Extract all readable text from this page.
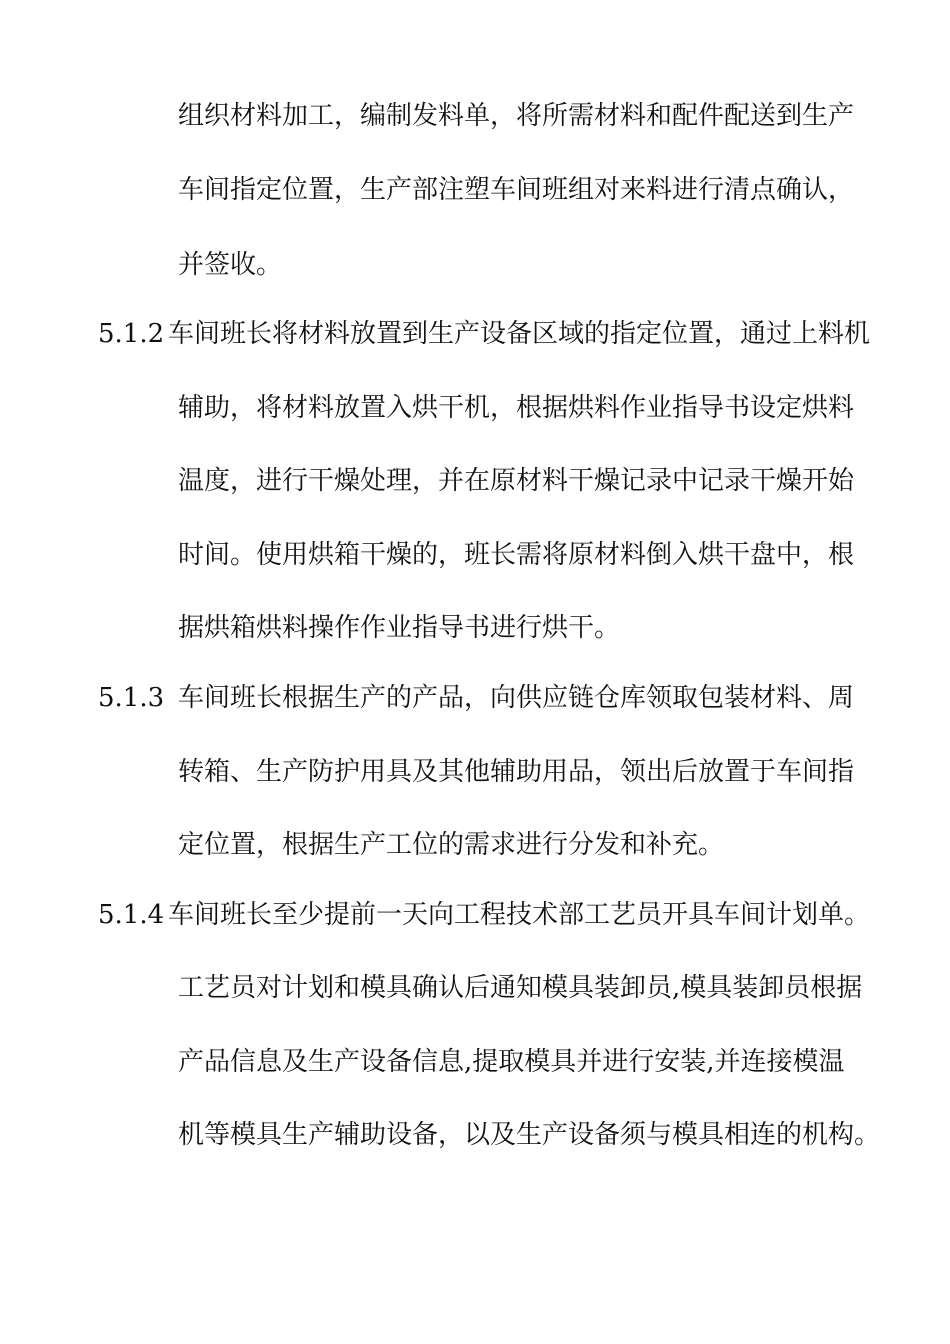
组织材料加工，编制发料单，将所需材料和配件配送到生产
车间指定位置，生产部注塑车间班组对来料进行清点确认，
并签收。
5.1.2 车间班长将材料放置到生产设备区域的指定位置，通过上料机
辅助，将材料放置入烘干机，根据烘料作业指导书设定烘料
温度，进行干燥处理，并在原材料干燥记录中记录干燥开始
时间。使用烘箱干燥的，班长需将原材料倒入烘干盘中，根
据烘箱烘料操作作业指导书进行烘干。
5.1.3 车间班长根据生产的产品，向供应链仓库领取包装材料、周
转箱、生产防护用具及其他辅助用品，领出后放置于车间指
定位置，根据生产工位的需求进行分发和补充。
5.1.4 车间班长至少提前一天向工程技术部工艺员开具车间计划单。
工艺员对计划和模具确认后通知模具装卸员,模具装卸员根据
产品信息及生产设备信息,提取模具并进行安装,并连接模温
机等模具生产辅助设备，以及生产设备须与模具相连的机构。
